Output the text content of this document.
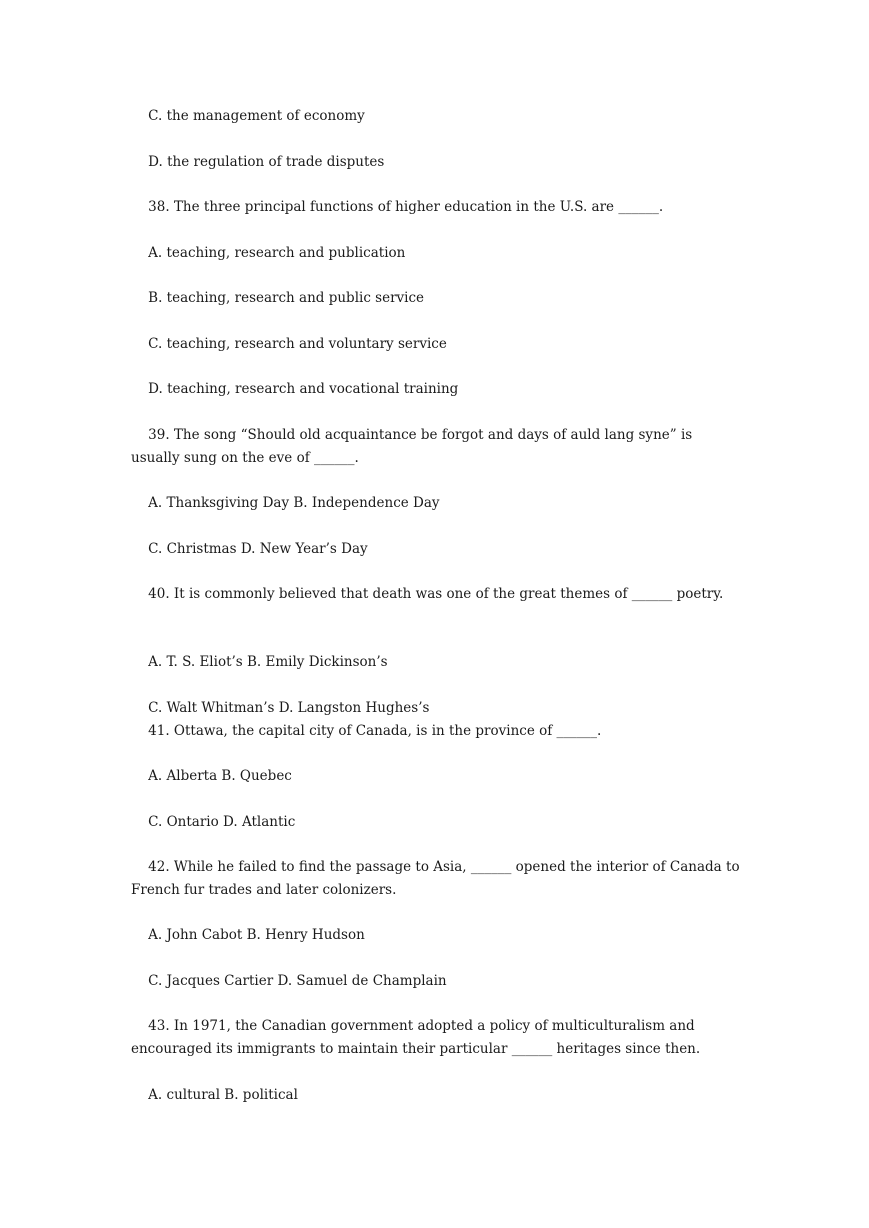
C. the management of economy

D. the regulation of trade disputes

38. The three principal functions of higher education in the U.S. are ______.

A. teaching, research and publication

B. teaching, research and public service

C. teaching, research and voluntary service

D. teaching, research and vocational training

39. The song “Should old acquaintance be forgot and days of auld lang syne” is usually sung on the eve of ______.

A. Thanksgiving Day B. Independence Day

C. Christmas D. New Year’s Day

40. It is commonly believed that death was one of the great themes of ______ poetry.

A. T. S. Eliot’s B. Emily Dickinson’s

C. Walt Whitman’s D. Langston Hughes’s

41. Ottawa, the capital city of Canada, is in the province of ______.

A. Alberta B. Quebec

C. Ontario D. Atlantic

42. While he failed to find the passage to Asia, ______ opened the interior of Canada to French fur trades and later colonizers.

A. John Cabot B. Henry Hudson

C. Jacques Cartier D. Samuel de Champlain

43. In 1971, the Canadian government adopted a policy of multiculturalism and encouraged its immigrants to maintain their particular ______ heritages since then.

A. cultural B. political
